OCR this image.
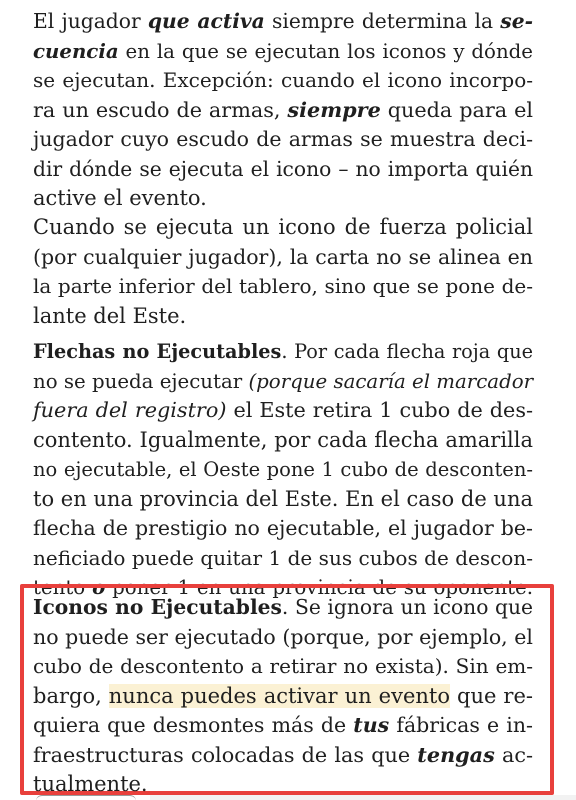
El jugador que activa siempre determina la se-
cuencia en la que se ejecutan los iconos y dónde
se ejecutan. Excepción: cuando el icono incorpo-
ra un escudo de armas, siempre queda para el
jugador cuyo escudo de armas se muestra deci-
dir dónde se ejecuta el icono – no importa quién
active el evento.
Cuando se ejecuta un icono de fuerza policial
(por cualquier jugador), la carta no se alinea en
la parte inferior del tablero, sino que se pone de-
lante del Este.
Flechas no Ejecutables. Por cada flecha roja que
no se pueda ejecutar (porque sacaría el marcador
fuera del registro) el Este retira 1 cubo de des-
contento. Igualmente, por cada flecha amarilla
no ejecutable, el Oeste pone 1 cubo de desconten-
to en una provincia del Este. En el caso de una
flecha de prestigio no ejecutable, el jugador be-
neficiado puede quitar 1 de sus cubos de descon-
tento o poner 1 en una provincia de su oponente.
Iconos no Ejecutables. Se ignora un icono que
no puede ser ejecutado (porque, por ejemplo, el
cubo de descontento a retirar no exista). Sin em-
bargo, nunca puedes activar un evento que re-
quiera que desmontes más de tus fábricas e in-
fraestructuras colocadas de las que tengas ac-
tualmente.
